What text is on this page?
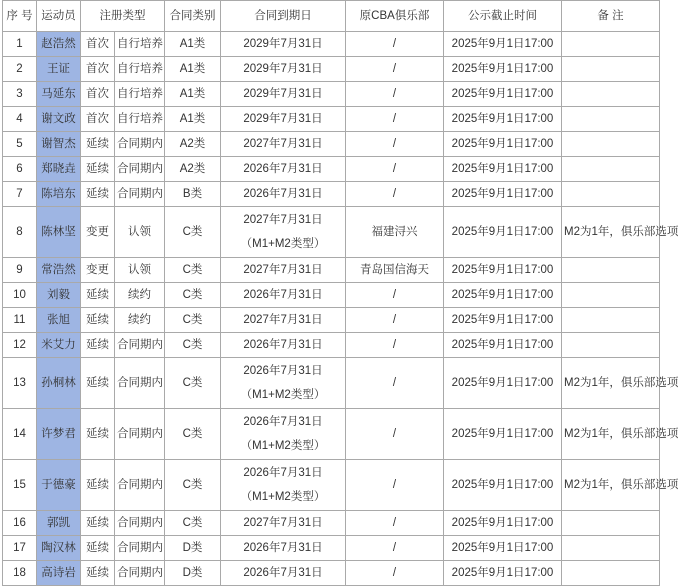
序 号	运动员	注册类型		合同类别	合同到期日	原CBA俱乐部	公示截止时间	备 注
1	赵浩然	首次	自行培养	A1类	2029年7月31日	/	2025年9月1日17:00	
2	王证	首次	自行培养	A1类	2029年7月31日	/	2025年9月1日17:00	
3	马延东	首次	自行培养	A1类	2029年7月31日	/	2025年9月1日17:00	
4	谢文政	首次	自行培养	A1类	2029年7月31日	/	2025年9月1日17:00	
5	谢智杰	延续	合同期内	A2类	2027年7月31日	/	2025年9月1日17:00	
6	郑晓垚	延续	合同期内	A2类	2026年7月31日	/	2025年9月1日17:00	
7	陈培东	延续	合同期内	B类	2026年7月31日	/	2025年9月1日17:00	
8	陈林坚	变更	认领	C类	2027年7月31日
（M1+M2类型）	福建浔兴	2025年9月1日17:00	M2为1年，俱乐部选项
9	常浩然	变更	认领	C类	2027年7月31日	青岛国信海天	2025年9月1日17:00	
10	刘毅	延续	续约	C类	2026年7月31日	/	2025年9月1日17:00	
11	张旭	延续	续约	C类	2027年7月31日	/	2025年9月1日17:00	
12	米艾力	延续	合同期内	C类	2026年7月31日	/	2025年9月1日17:00	
13	孙桐林	延续	合同期内	C类	2026年7月31日
（M1+M2类型）	/	2025年9月1日17:00	M2为1年，俱乐部选项
14	许梦君	延续	合同期内	C类	2026年7月31日
（M1+M2类型）	/	2025年9月1日17:00	M2为1年，俱乐部选项
15	于德豪	延续	合同期内	C类	2026年7月31日
（M1+M2类型）	/	2025年9月1日17:00	M2为1年，俱乐部选项
16	郭凯	延续	合同期内	C类	2027年7月31日	/	2025年9月1日17:00	
17	陶汉林	延续	合同期内	D类	2026年7月31日	/	2025年9月1日17:00	
18	高诗岩	延续	合同期内	D类	2026年7月31日	/	2025年9月1日17:00	
